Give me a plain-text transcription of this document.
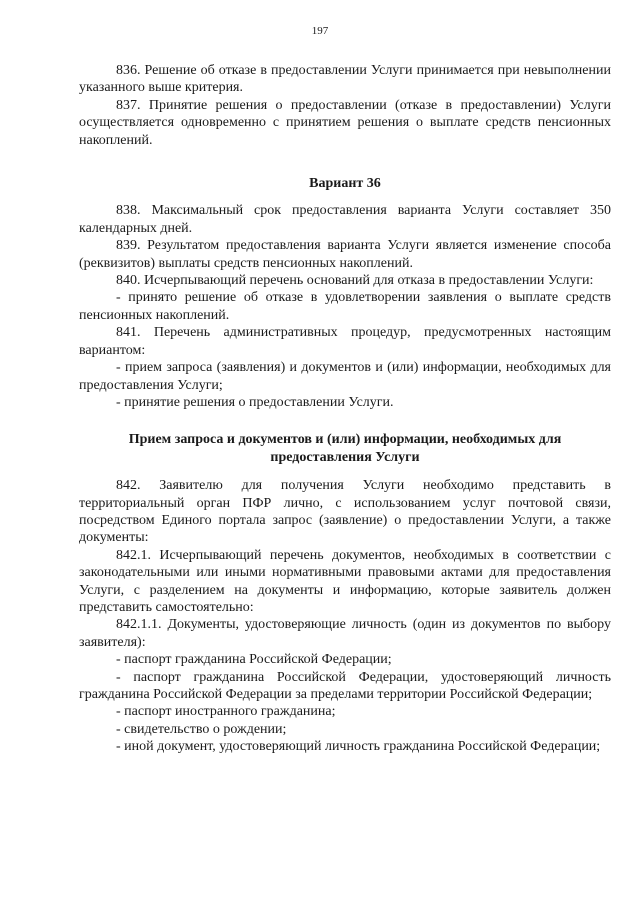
197

836. Решение об отказе в предоставлении Услуги принимается при невыполнении указанного выше критерия.

837. Принятие решения о предоставлении (отказе в предоставлении) Услуги осуществляется одновременно с принятием решения о выплате средств пенсионных накоплений.

Вариант 36

838. Максимальный срок предоставления варианта Услуги составляет 350 календарных дней.

839. Результатом предоставления варианта Услуги является изменение способа (реквизитов) выплаты средств пенсионных накоплений.

840. Исчерпывающий перечень оснований для отказа в предоставлении Услуги:

- принято решение об отказе в удовлетворении заявления о выплате средств пенсионных накоплений.

841. Перечень административных процедур, предусмотренных настоящим вариантом:

- прием запроса (заявления) и документов и (или) информации, необходимых для предоставления Услуги;

- принятие решения о предоставлении Услуги.

Прием запроса и документов и (или) информации, необходимых для
предоставления Услуги

842. Заявителю для получения Услуги необходимо представить в территориальный орган ПФР лично, с использованием услуг почтовой связи, посредством Единого портала запрос (заявление) о предоставлении Услуги, а также документы:

842.1. Исчерпывающий перечень документов, необходимых в соответствии с законодательными или иными нормативными правовыми актами для предоставления Услуги, с разделением на документы и информацию, которые заявитель должен представить самостоятельно:

842.1.1. Документы, удостоверяющие личность (один из документов по выбору заявителя):

- паспорт гражданина Российской Федерации;

- паспорт гражданина Российской Федерации, удостоверяющий личность гражданина Российской Федерации за пределами территории Российской Федерации;

- паспорт иностранного гражданина;

- свидетельство о рождении;

- иной документ, удостоверяющий личность гражданина Российской Федерации;
